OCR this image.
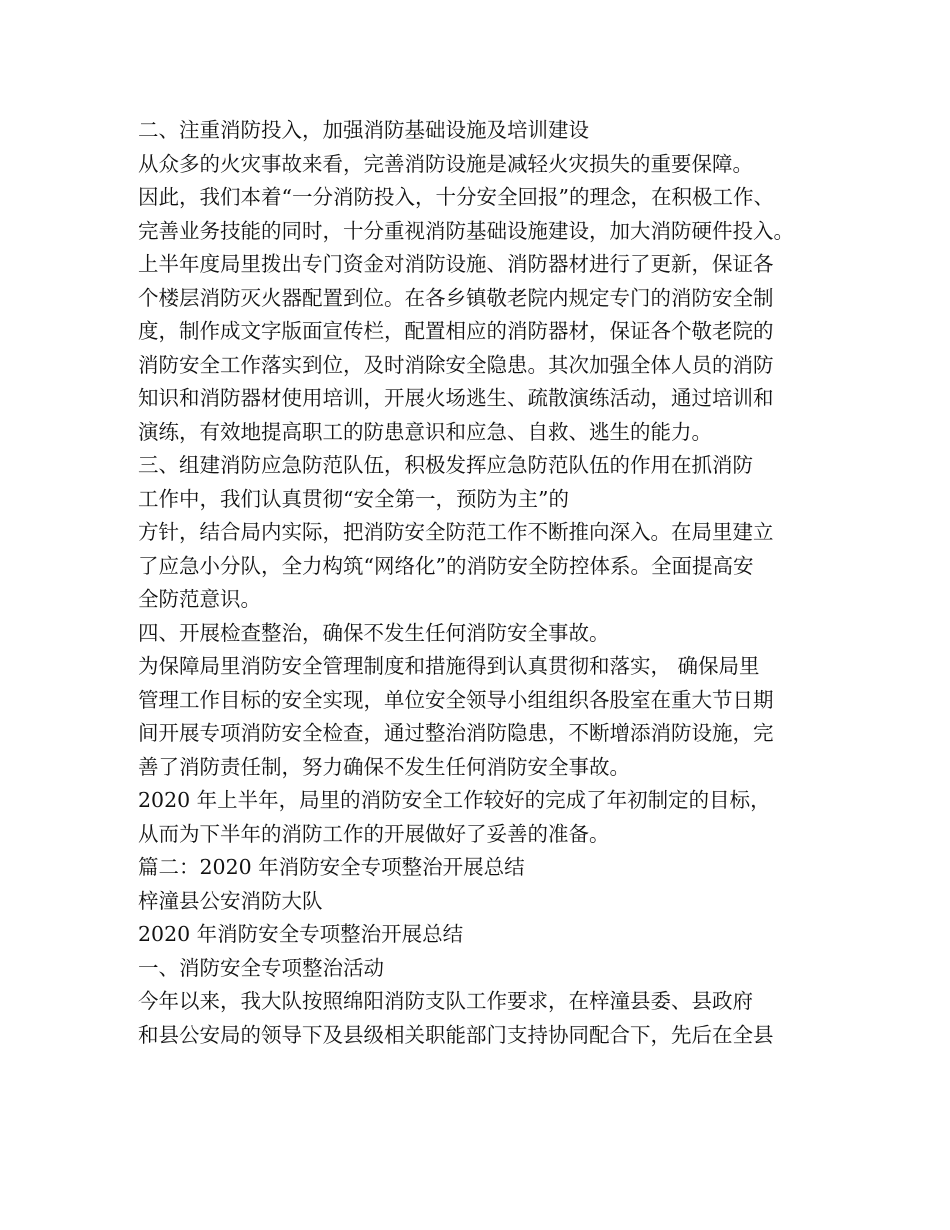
二、注重消防投入，加强消防基础设施及培训建设
从众多的火灾事故来看，完善消防设施是减轻火灾损失的重要保障。
因此，我们本着“一分消防投入，十分安全回报”的理念，在积极工作、
完善业务技能的同时，十分重视消防基础设施建设，加大消防硬件投入。
上半年度局里拨出专门资金对消防设施、消防器材进行了更新，保证各
个楼层消防灭火器配置到位。在各乡镇敬老院内规定专门的消防安全制
度，制作成文字版面宣传栏，配置相应的消防器材，保证各个敬老院的
消防安全工作落实到位，及时消除安全隐患。其次加强全体人员的消防
知识和消防器材使用培训，开展火场逃生、疏散演练活动，通过培训和
演练，有效地提高职工的防患意识和应急、自救、逃生的能力。
三、组建消防应急防范队伍，积极发挥应急防范队伍的作用在抓消防
工作中，我们认真贯彻“安全第一，预防为主”的
方针，结合局内实际，把消防安全防范工作不断推向深入。在局里建立
了应急小分队，全力构筑“网络化”的消防安全防控体系。全面提高安
全防范意识。
四、开展检查整治，确保不发生任何消防安全事故。
为保障局里消防安全管理制度和措施得到认真贯彻和落实， 确保局里
管理工作目标的安全实现，单位安全领导小组组织各股室在重大节日期
间开展专项消防安全检查，通过整治消防隐患，不断增添消防设施，完
善了消防责任制，努力确保不发生任何消防安全事故。
2020 年上半年，局里的消防安全工作较好的完成了年初制定的目标，
从而为下半年的消防工作的开展做好了妥善的准备。
篇二：2020 年消防安全专项整治开展总结
梓潼县公安消防大队
2020 年消防安全专项整治开展总结
一、消防安全专项整治活动
今年以来，我大队按照绵阳消防支队工作要求，在梓潼县委、县政府
和县公安局的领导下及县级相关职能部门支持协同配合下，先后在全县
